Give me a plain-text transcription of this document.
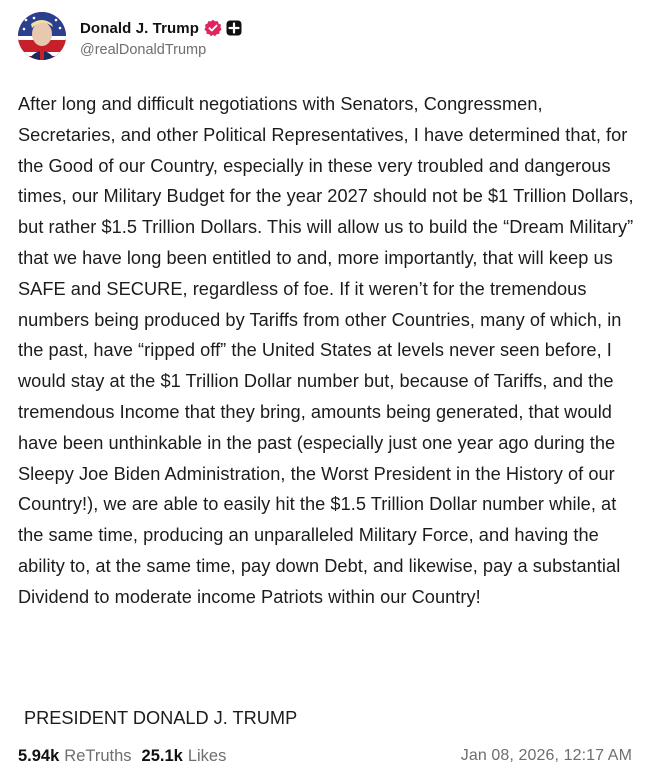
Donald J. Trump
@realDonaldTrump
After long and difficult negotiations with Senators, Congressmen, Secretaries, and other Political Representatives, I have determined that, for the Good of our Country, especially in these very troubled and dangerous times, our Military Budget for the year 2027 should not be $1 Trillion Dollars, but rather $1.5 Trillion Dollars. This will allow us to build the “Dream Military” that we have long been entitled to and, more importantly, that will keep us SAFE and SECURE, regardless of foe. If it weren’t for the tremendous numbers being produced by Tariffs from other Countries, many of which, in the past, have “ripped off” the United States at levels never seen before, I would stay at the $1 Trillion Dollar number but, because of Tariffs, and the tremendous Income that they bring, amounts being generated, that would have been unthinkable in the past (especially just one year ago during the Sleepy Joe Biden Administration, the Worst President in the History of our Country!), we are able to easily hit the $1.5 Trillion Dollar number while, at the same time, producing an unparalleled Military Force, and having the ability to, at the same time, pay down Debt, and likewise, pay a substantial Dividend to moderate income Patriots within our Country!
PRESIDENT DONALD J. TRUMP
5.94k ReTruths 25.1k Likes	Jan 08, 2026, 12:17 AM
